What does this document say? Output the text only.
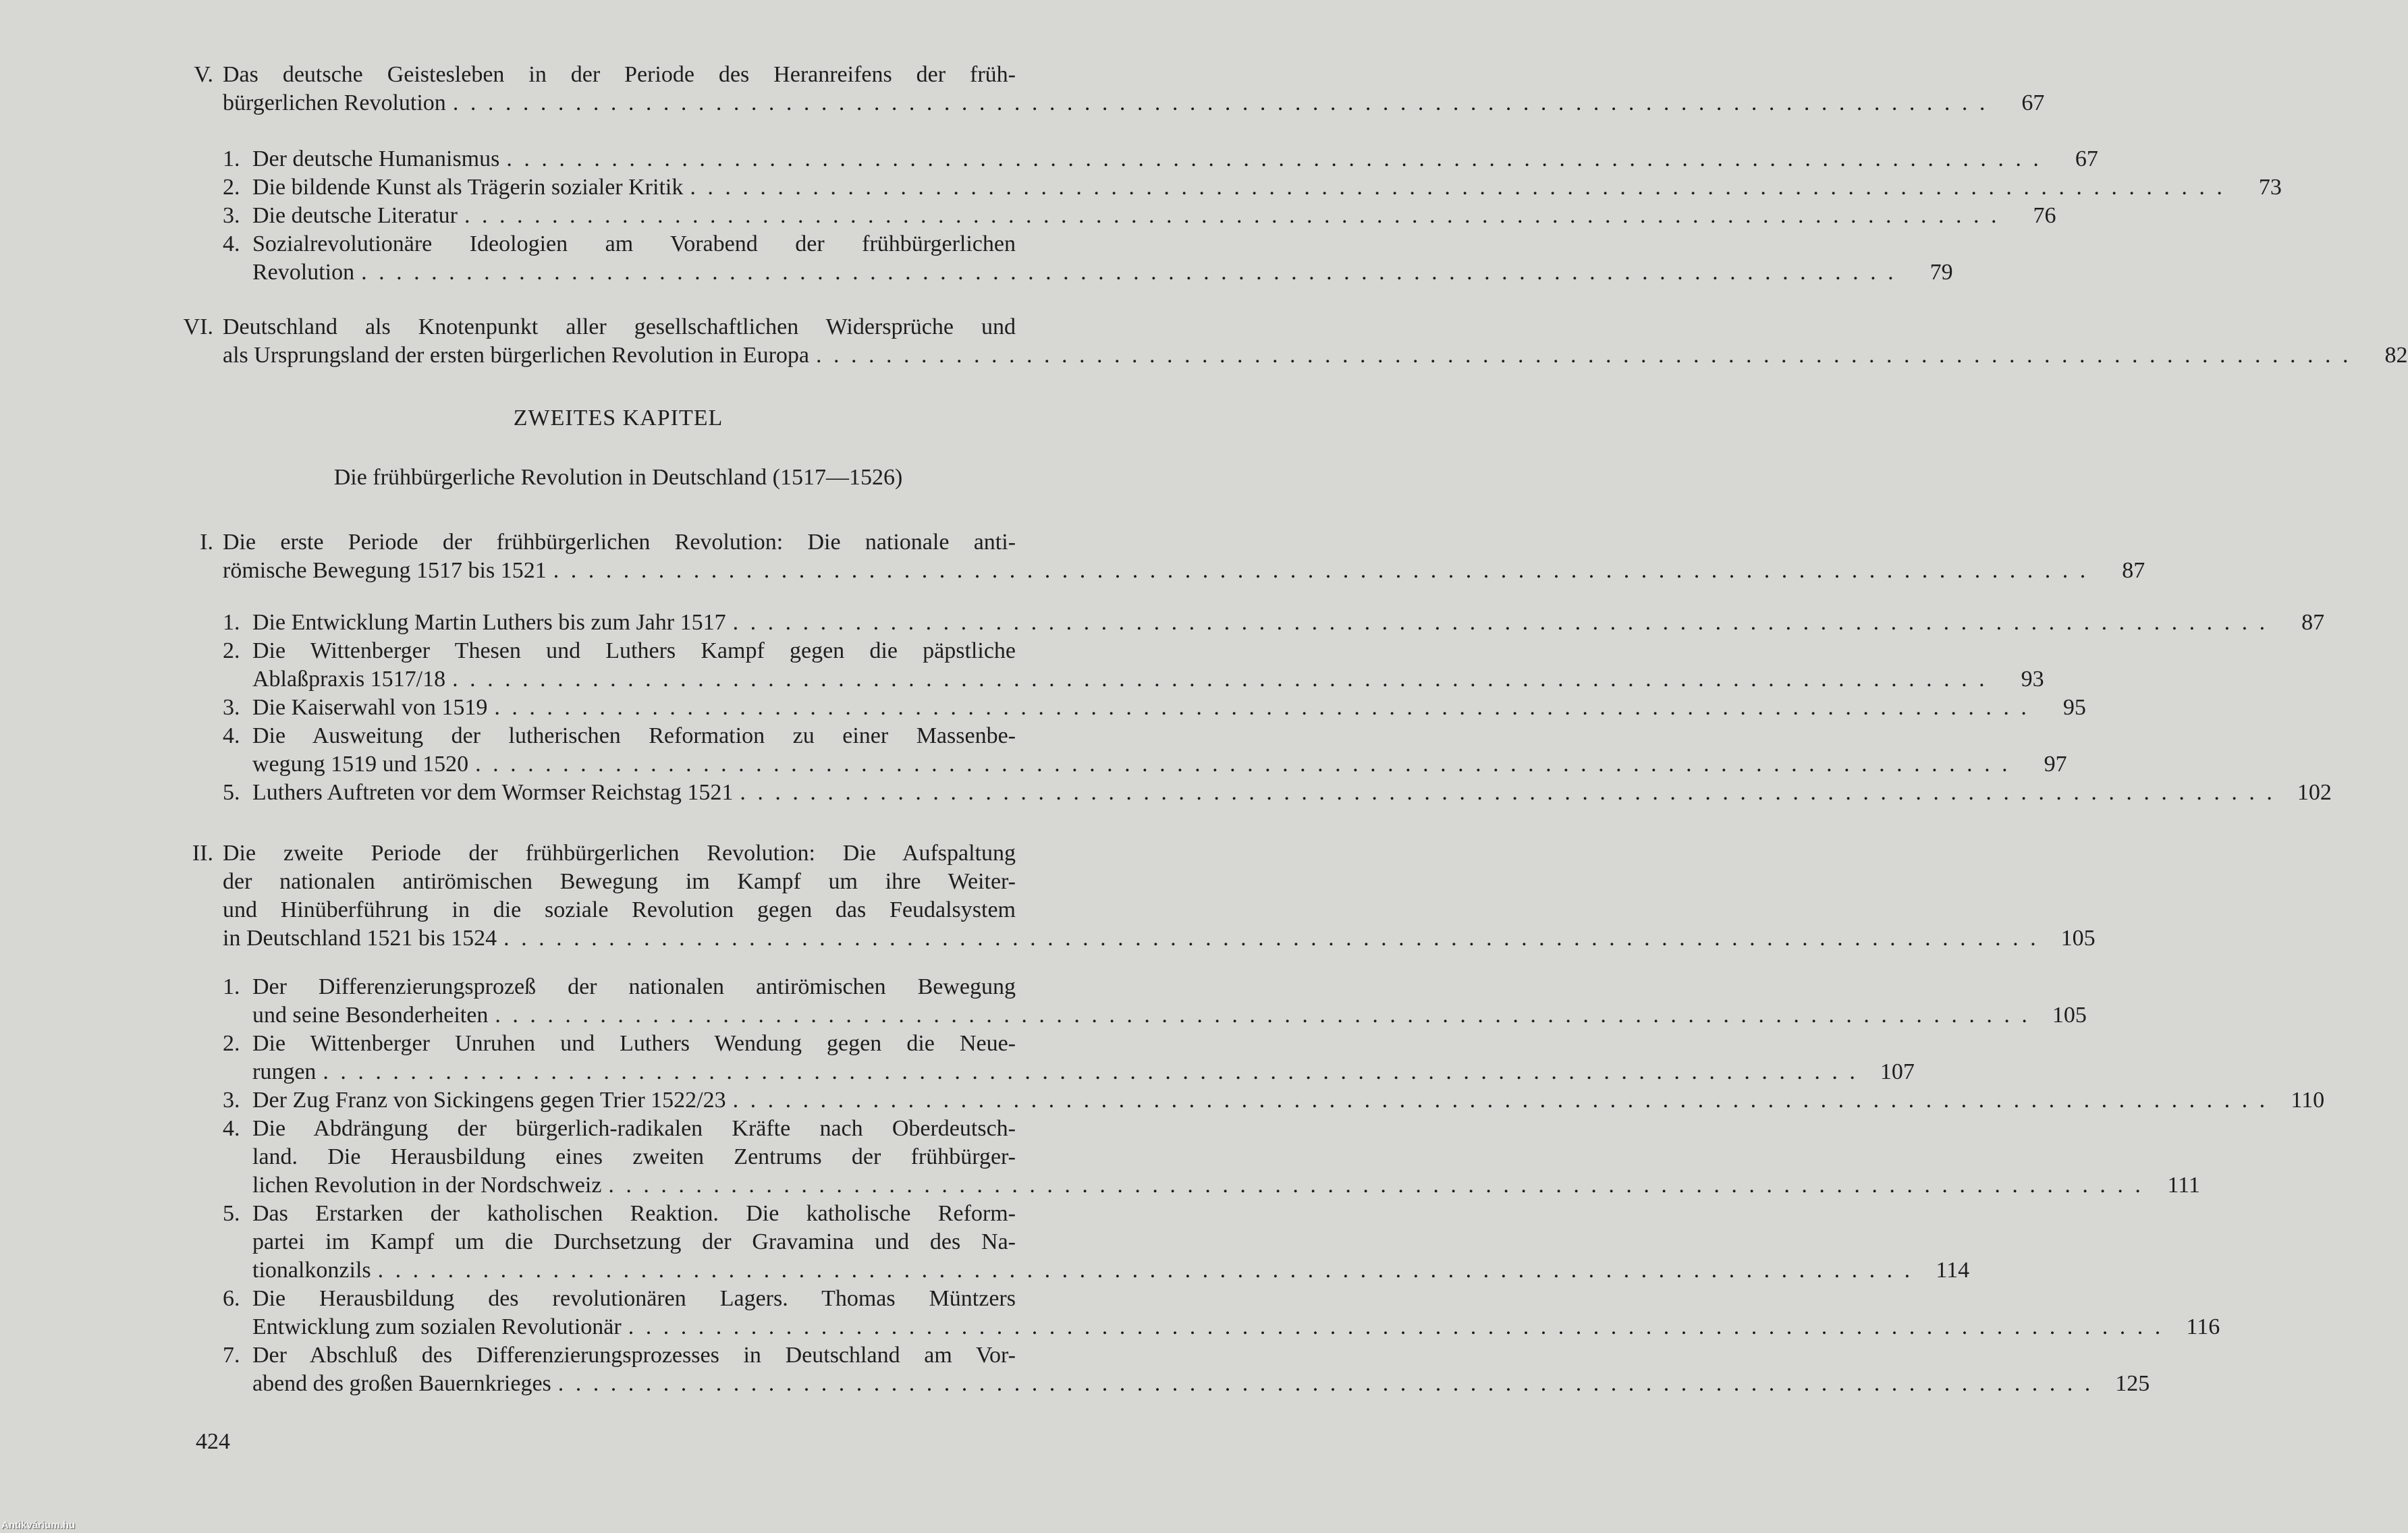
V. Das deutsche Geistesleben in der Periode des Heranreifens der früh-
bürgerlichen Revolution . . .	67
1. Der deutsche Humanismus . . .	67
2. Die bildende Kunst als Trägerin sozialer Kritik . . .	73
3. Die deutsche Literatur . . .	76
4. Sozialrevolutionäre Ideologien am Vorabend der frühbürgerlichen
Revolution . . .	79
VI. Deutschland als Knotenpunkt aller gesellschaftlichen Widersprüche und
als Ursprungsland der ersten bürgerlichen Revolution in Europa . . .	82
ZWEITES KAPITEL
Die frühbürgerliche Revolution in Deutschland (1517—1526)
I. Die erste Periode der frühbürgerlichen Revolution: Die nationale anti-
römische Bewegung 1517 bis 1521 . . .	87
1. Die Entwicklung Martin Luthers bis zum Jahr 1517 . . .	87
2. Die Wittenberger Thesen und Luthers Kampf gegen die päpstliche
Ablaßpraxis 1517/18 . . .	93
3. Die Kaiserwahl von 1519 . . .	95
4. Die Ausweitung der lutherischen Reformation zu einer Massenbe-
wegung 1519 und 1520 . . .	97
5. Luthers Auftreten vor dem Wormser Reichstag 1521 . . .	102
II. Die zweite Periode der frühbürgerlichen Revolution: Die Aufspaltung
der nationalen antirömischen Bewegung im Kampf um ihre Weiter-
und Hinüberführung in die soziale Revolution gegen das Feudalsystem
in Deutschland 1521 bis 1524 . . .	105
1. Der Differenzierungsprozeß der nationalen antirömischen Bewegung
und seine Besonderheiten . . .	105
2. Die Wittenberger Unruhen und Luthers Wendung gegen die Neue-
rungen . . .	107
3. Der Zug Franz von Sickingens gegen Trier 1522/23 . . .	110
4. Die Abdrängung der bürgerlich-radikalen Kräfte nach Oberdeutsch-
land. Die Herausbildung eines zweiten Zentrums der frühbürger-
lichen Revolution in der Nordschweiz . . .	111
5. Das Erstarken der katholischen Reaktion. Die katholische Reform-
partei im Kampf um die Durchsetzung der Gravamina und des Na-
tionalkonzils . . .	114
6. Die Herausbildung des revolutionären Lagers. Thomas Müntzers
Entwicklung zum sozialen Revolutionär . . .	116
7. Der Abschluß des Differenzierungsprozesses in Deutschland am Vor-
abend des großen Bauernkrieges . . .	125
424
Antikvárium.hu
